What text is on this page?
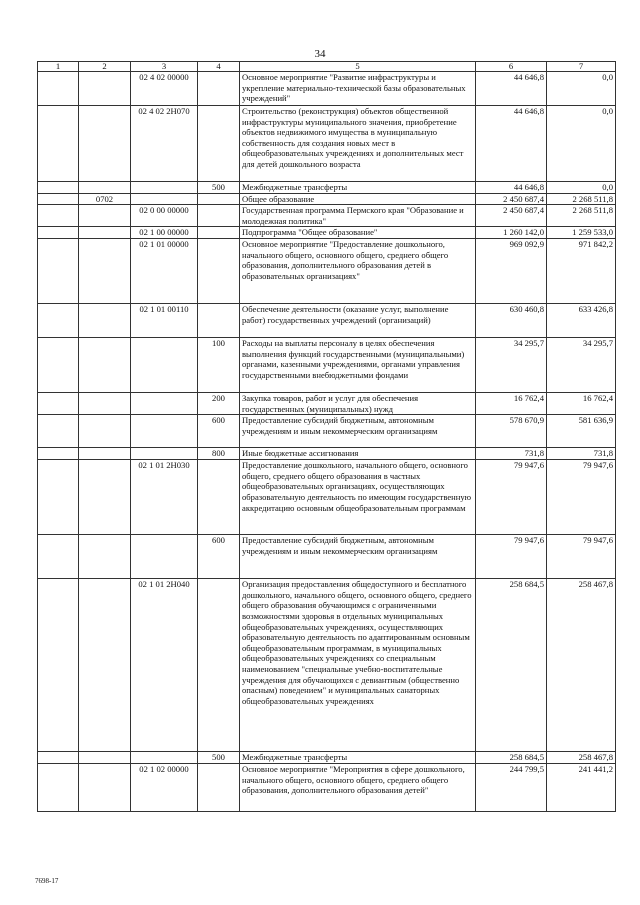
34
1	2	3	4	5	6	7
		02 4 02 00000		Основное мероприятие "Развитие инфраструктуры и укрепление материально-технической базы образовательных учреждений"	44 646,8	0,0
		02 4 02 2Н070		Строительство (реконструкция) объектов общественной инфраструктуры муниципального значения, приобретение объектов недвижимого имущества в муниципальную собственность для создания новых мест в общеобразовательных учреждениях и дополнительных мест для детей дошкольного возраста	44 646,8	0,0
			500	Межбюджетные трансферты	44 646,8	0,0
	0702			Общее образование	2 450 687,4	2 268 511,8
		02 0 00 00000		Государственная программа Пермского края "Образование и молодежная политика"	2 450 687,4	2 268 511,8
		02 1 00 00000		Подпрограмма "Общее образование"	1 260 142,0	1 259 533,0
		02 1 01 00000		Основное мероприятие "Предоставление дошкольного, начального общего, основного общего, среднего общего образования, дополнительного образования детей в образовательных организациях"	969 092,9	971 842,2
		02 1 01 00110		Обеспечение деятельности (оказание услуг, выполнение работ) государственных учреждений (организаций)	630 460,8	633 426,8
			100	Расходы на выплаты персоналу в целях обеспечения выполнения функций государственными (муниципальными) органами, казенными учреждениями, органами управления государственными внебюджетными фондами	34 295,7	34 295,7
			200	Закупка товаров, работ и услуг для обеспечения государственных (муниципальных) нужд	16 762,4	16 762,4
			600	Предоставление субсидий бюджетным, автономным учреждениям и иным некоммерческим организациям	578 670,9	581 636,9
			800	Иные бюджетные ассигнования	731,8	731,8
		02 1 01 2Н030		Предоставление дошкольного, начального общего, основного общего, среднего общего образования в частных общеобразовательных организациях, осуществляющих образовательную деятельность по имеющим государственную аккредитацию основным общеобразовательным программам	79 947,6	79 947,6
			600	Предоставление субсидий бюджетным, автономным учреждениям и иным некоммерческим организациям	79 947,6	79 947,6
		02 1 01 2Н040		Организация предоставления общедоступного и бесплатного дошкольного, начального общего, основного общего, среднего общего образования обучающимся с ограниченными возможностями здоровья в отдельных муниципальных общеобразовательных учреждениях, осуществляющих образовательную деятельность по адаптированным основным общеобразовательным программам, в муниципальных общеобразовательных учреждениях со специальным наименованием "специальные учебно-воспитательные учреждения для обучающихся с девиантным (общественно опасным) поведением" и муниципальных санаторных общеобразовательных учреждениях	258 684,5	258 467,8
			500	Межбюджетные трансферты	258 684,5	258 467,8
		02 1 02 00000		Основное мероприятие "Мероприятия в сфере дошкольного, начального общего, основного общего, среднего общего образования, дополнительного образования детей"	244 799,5	241 441,2
7698-17
